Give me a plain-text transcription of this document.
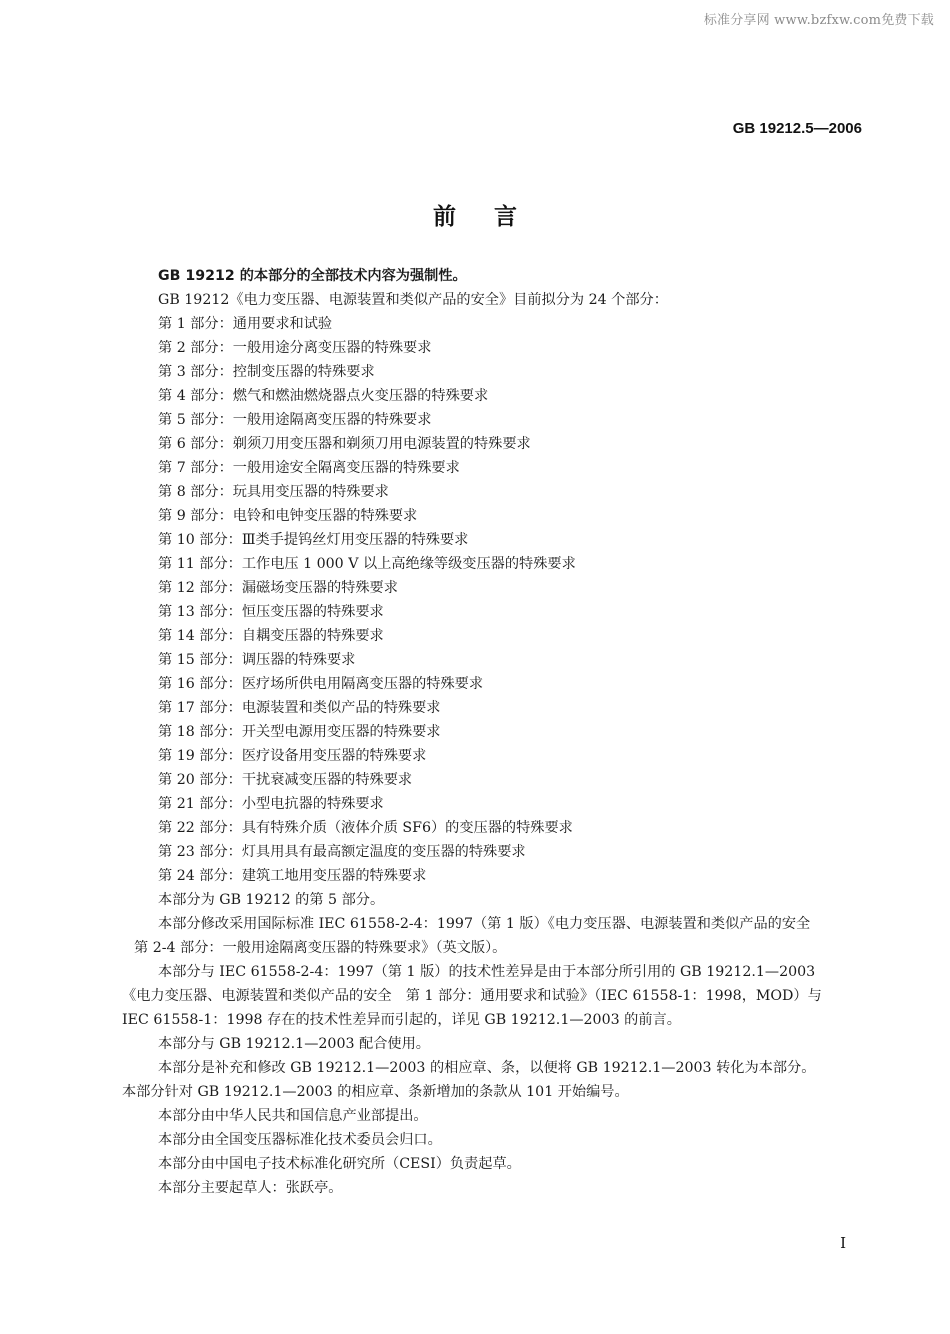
标准分享网 www.bzfxw.com免费下载
GB 19212.5—2006
前言
GB 19212 的本部分的全部技术内容为强制性。
GB 19212《电力变压器、电源装置和类似产品的安全》目前拟分为 24 个部分：
第 1 部分：通用要求和试验
第 2 部分：一般用途分离变压器的特殊要求
第 3 部分：控制变压器的特殊要求
第 4 部分：燃气和燃油燃烧器点火变压器的特殊要求
第 5 部分：一般用途隔离变压器的特殊要求
第 6 部分：剃须刀用变压器和剃须刀用电源装置的特殊要求
第 7 部分：一般用途安全隔离变压器的特殊要求
第 8 部分：玩具用变压器的特殊要求
第 9 部分：电铃和电钟变压器的特殊要求
第 10 部分：Ⅲ类手提钨丝灯用变压器的特殊要求
第 11 部分：工作电压 1 000 V 以上高绝缘等级变压器的特殊要求
第 12 部分：漏磁场变压器的特殊要求
第 13 部分：恒压变压器的特殊要求
第 14 部分：自耦变压器的特殊要求
第 15 部分：调压器的特殊要求
第 16 部分：医疗场所供电用隔离变压器的特殊要求
第 17 部分：电源装置和类似产品的特殊要求
第 18 部分：开关型电源用变压器的特殊要求
第 19 部分：医疗设备用变压器的特殊要求
第 20 部分：干扰衰减变压器的特殊要求
第 21 部分：小型电抗器的特殊要求
第 22 部分：具有特殊介质（液体介质 SF6）的变压器的特殊要求
第 23 部分：灯具用具有最高额定温度的变压器的特殊要求
第 24 部分：建筑工地用变压器的特殊要求
本部分为 GB 19212 的第 5 部分。
本部分修改采用国际标准 IEC 61558-2-4：1997（第 1 版）《电力变压器、电源装置和类似产品的安全
第 2-4 部分：一般用途隔离变压器的特殊要求》（英文版）。
本部分与 IEC 61558-2-4：1997（第 1 版）的技术性差异是由于本部分所引用的 GB 19212.1—2003
《电力变压器、电源装置和类似产品的安全　第 1 部分：通用要求和试验》（IEC 61558-1：1998，MOD）与
IEC 61558-1：1998 存在的技术性差异而引起的，详见 GB 19212.1—2003 的前言。
本部分与 GB 19212.1—2003 配合使用。
本部分是补充和修改 GB 19212.1—2003 的相应章、条，以便将 GB 19212.1—2003 转化为本部分。
本部分针对 GB 19212.1—2003 的相应章、条新增加的条款从 101 开始编号。
本部分由中华人民共和国信息产业部提出。
本部分由全国变压器标准化技术委员会归口。
本部分由中国电子技术标准化研究所（CESI）负责起草。
本部分主要起草人：张跃亭。
I
